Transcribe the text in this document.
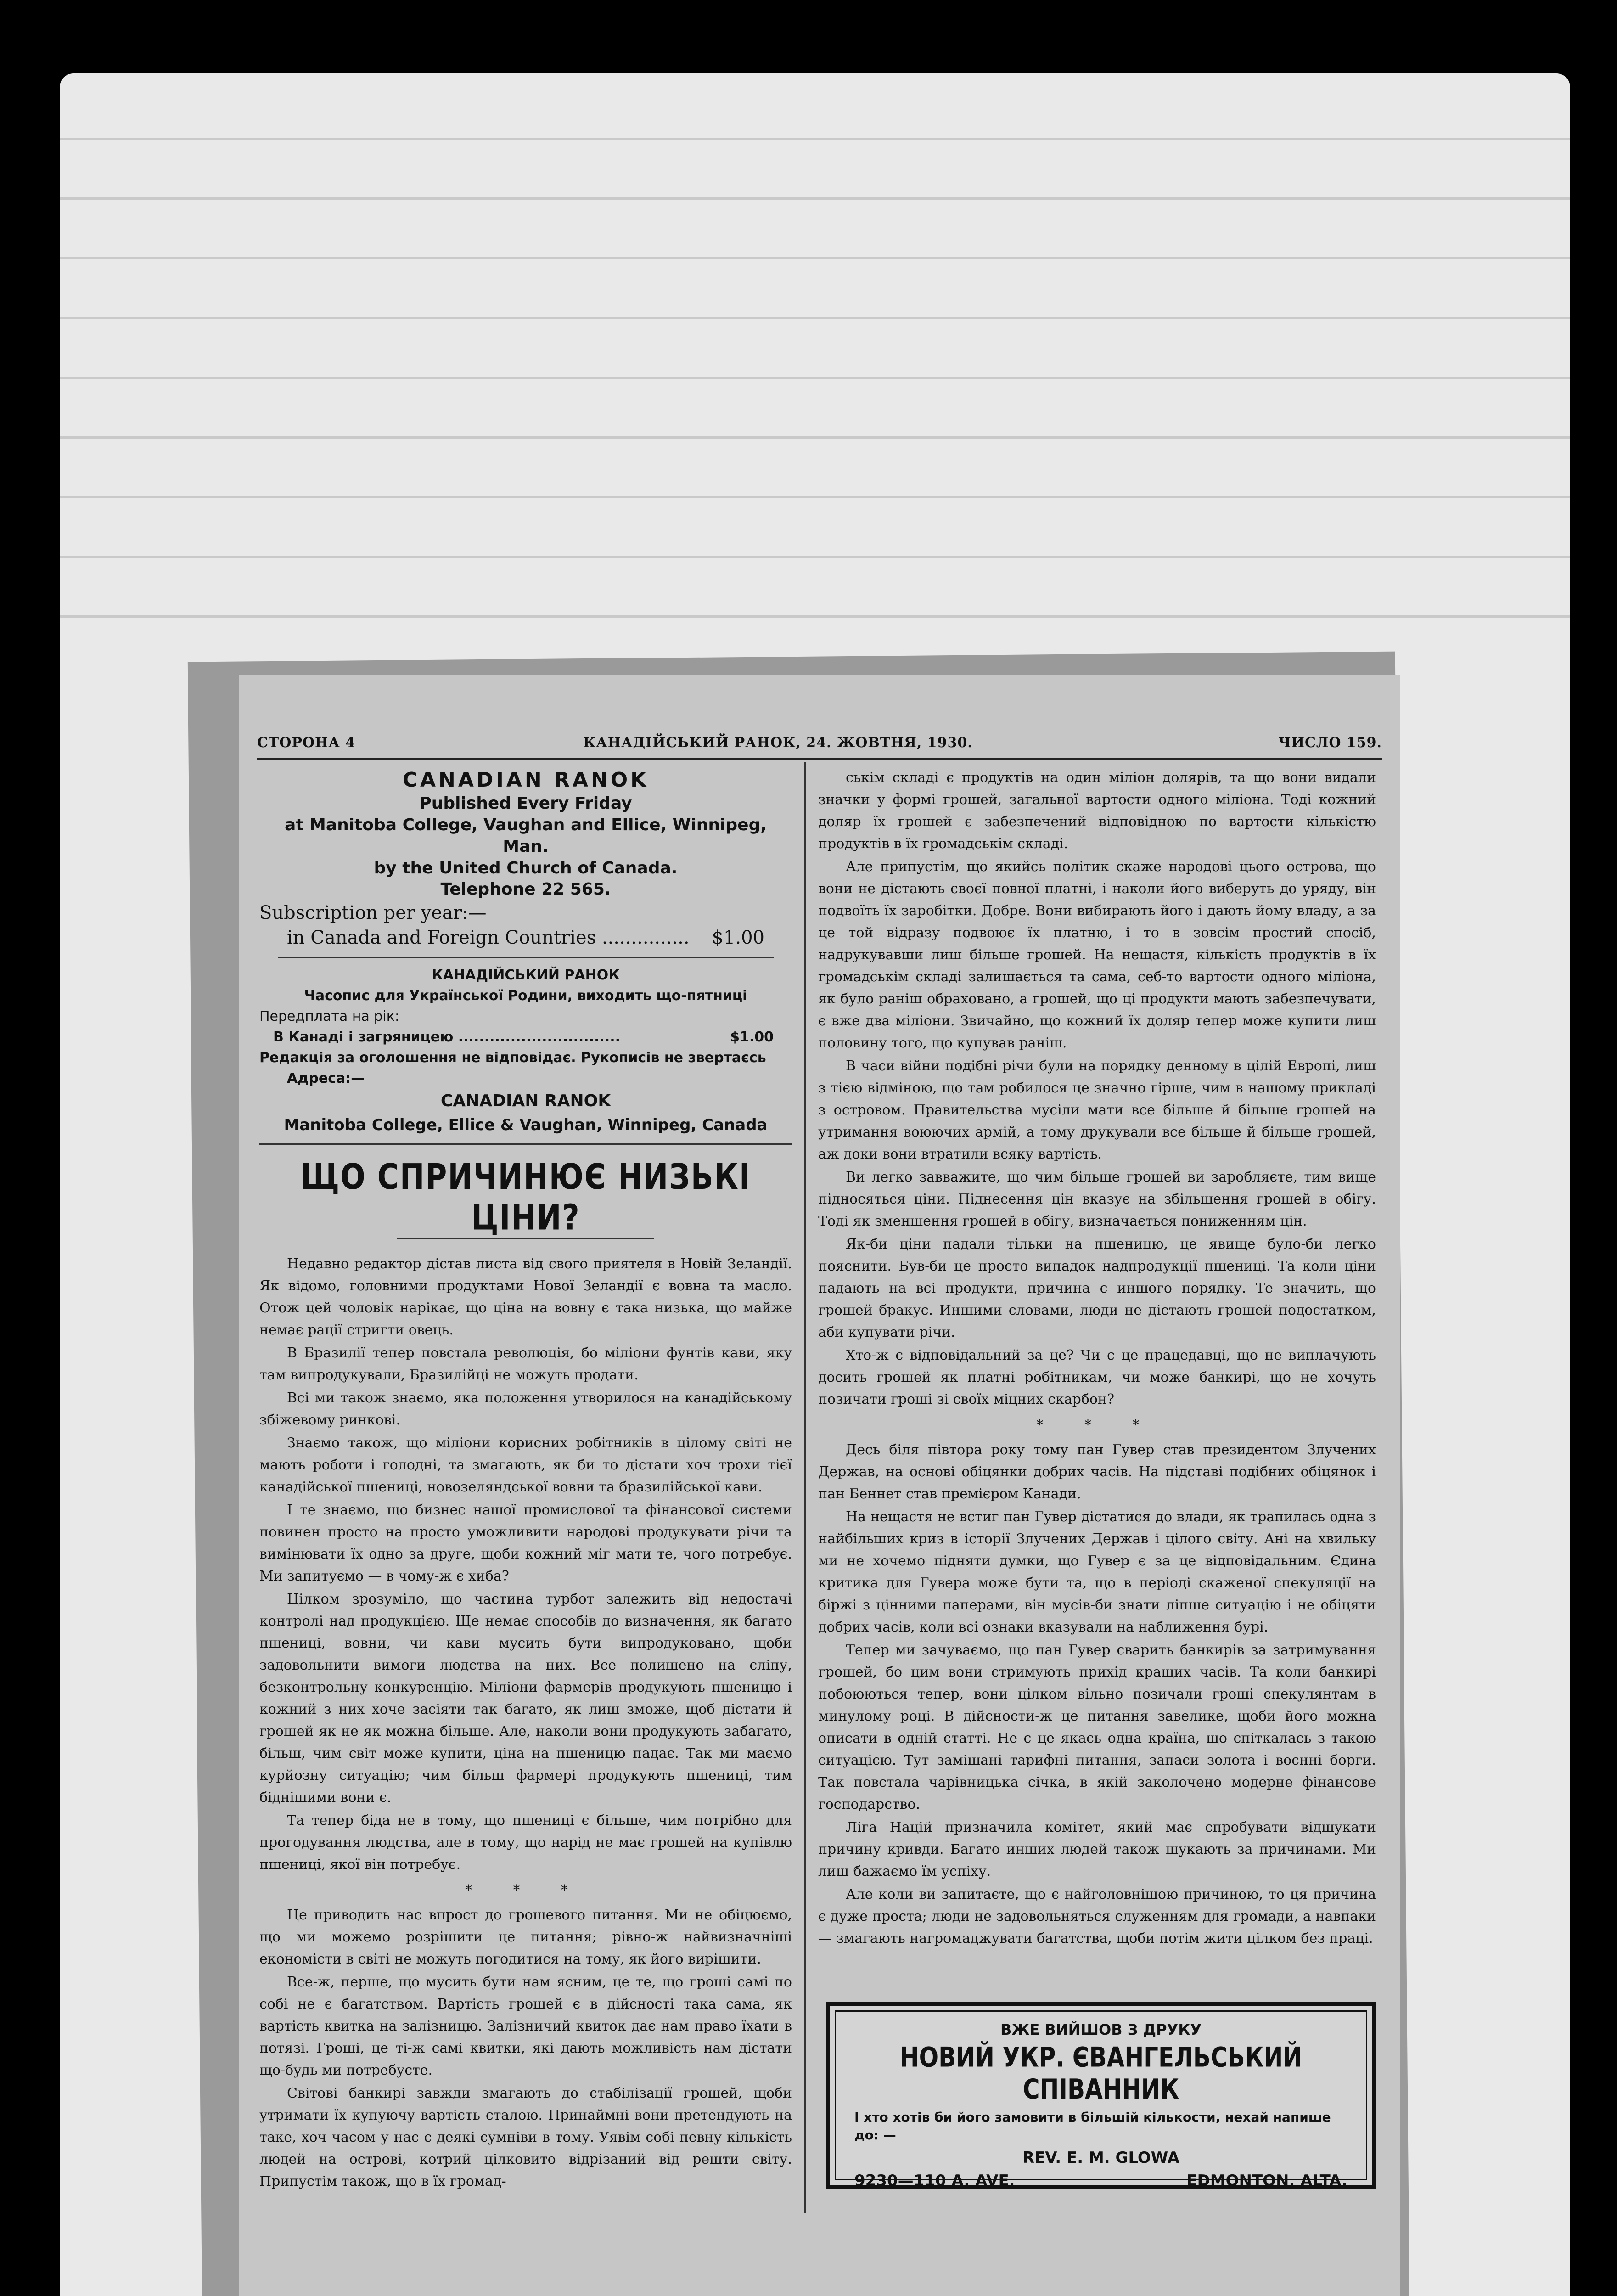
СТОРОНА 4	КАНАДІЙСЬКИЙ РАНОК, 24. ЖОВТНЯ, 1930.	ЧИСЛО 159.
CANADIAN RANOK
Published Every Friday
at Manitoba College, Vaughan and Ellice, Winnipeg, Man.
by the United Church of Canada.
Telephone 22 565.
Subscription per year:—
in Canada and Foreign Countries ............... $1.00
КАНАДІЙСЬКИЙ РАНОК
Часопис для Української Родини, виходить що-пятниці
Передплата на рік:
В Канаді і загряницею ...............................	$1.00
Редакція за оголошення не відповідає. Рукописів не звертаєсь
Адреса:—
CANADIAN RANOK
Manitoba College, Ellice & Vaughan, Winnipeg, Canada
ЩО СПРИЧИНЮЄ НИЗЬКІ ЦІНИ?

Недавно редактор дістав листа від свого приятеля в Новій Зеландії. Як відомо, головними продуктами Нової Зеландії є вовна та масло. Отож цей чоловік нарікає, що ціна на вовну є така низька, що майже немає рації стригти овець.

В Бразилії тепер повстала революція, бо міліони фунтів кави, яку там випродукували, Бразилійці не можуть продати.

Всі ми також знаємо, яка положення утворилося на канадійському збіжевому ринкові.

Знаємо також, що міліони корисних робітників в цілому світі не мають роботи і голодні, та змагають, як би то дістати хоч трохи тієї канадійської пшениці, новозеляндської вовни та бразилійської кави.

І те знаємо, що бизнес нашої промислової та фінансової системи повинен просто на просто уможливити народові продукувати річи та вимінювати їх одно за друге, щоби кожний міг мати те, чого потребує. Ми запитуємо — в чому-ж є хиба?

Цілком зрозуміло, що частина турбот залежить від недостачі контролі над продукцією. Ще немає способів до визначення, як багато пшениці, вовни, чи кави мусить бути випродуковано, щоби задовольнити вимоги людства на них. Все полишено на сліпу, безконтрольну конкуренцію. Міліони фармерів продукують пшеницю і кожний з них хоче засіяти так багато, як лиш зможе, щоб дістати й грошей як не як можна більше. Але, наколи вони продукують забагато, більш, чим світ може купити, ціна на пшеницю падає. Так ми маємо курйозну ситуацію; чим більш фармері продукують пшениці, тим біднішими вони є.

Та тепер біда не в тому, що пшениці є більше, чим потрібно для прогодування людства, але в тому, що нарід не має грошей на купівлю пшениці, якої він потребує.

* * *

Це приводить нас впрост до грошевого питання. Ми не обіцюємо, що ми можемо розрішити це питання; рівно-ж найвизначніші економісти в світі не можуть погодитися на тому, як його вирішити.

Все-ж, перше, що мусить бути нам ясним, це те, що гроші самі по собі не є багатством. Вартість грошей є в дійсності така сама, як вартість квитка на залізницю. Залізничий квиток дає нам право їхати в потязі. Гроші, це ті-ж самі квитки, які дають можливість нам дістати що-будь ми потребуєте.

Світові банкирі завжди змагають до стабілізації грошей, щоби утримати їх купуючу вартість сталою. Принаймні вони претендують на таке, хоч часом у нас є деякі сумніви в тому. Уявім собі певну кількість людей на острові, котрий цілковито відрізаний від решти світу. Припустім також, що в їх громад-

ськім складі є продуктів на один міліон долярів, та що вони видали значки у формі грошей, загальної вартости одного міліона. Тоді кожний доляр їх грошей є забезпечений відповідною по вартости кількістю продуктів в їх громадськім складі.

Але припустім, що якийсь політик скаже народові цього острова, що вони не дістають своєї повної платні, і наколи його виберуть до уряду, він подвоїть їх заробітки. Добре. Вони вибирають його і дають йому владу, а за це той відразу подвоює їх платню, і то в зовсім простий спосіб, надрукувавши лиш більше грошей. На нещастя, кількість продуктів в їх громадськім складі залишається та сама, себ-то вартости одного міліона, як було раніш обраховано, а грошей, що ці продукти мають забезпечувати, є вже два міліони. Звичайно, що кожний їх доляр тепер може купити лиш половину того, що купував раніш.

В часи війни подібні річи були на порядку денному в цілій Европі, лиш з тією відміною, що там робилося це значно гірше, чим в нашому прикладі з островом. Правительства мусіли мати все більше й більше грошей на утримання воюючих армій, а тому друкували все більше й більше грошей, аж доки вони втратили всяку вартість.

Ви легко завважите, що чим більше грошей ви заробляєте, тим вище підносяться ціни. Піднесення цін вказує на збільшення грошей в обігу. Тоді як зменшення грошей в обігу, визначається пониженням цін.

Як-би ціни падали тільки на пшеницю, це явище було-би легко пояснити. Був-би це просто випадок надпродукції пшениці. Та коли ціни падають на всі продукти, причина є иншого порядку. Те значить, що грошей бракує. Иншими словами, люди не дістають грошей подостатком, аби купувати річи.

Хто-ж є відповідальний за це? Чи є це працедавці, що не виплачують досить грошей як платні робітникам, чи може банкирі, що не хочуть позичати гроші зі своїх міцних скарбон?

* * *

Десь біля півтора року тому пан Гувер став президентом Злучених Держав, на основі обіцянки добрих часів. На підставі подібних обіцянок і пан Беннет став премієром Канади.

На нещастя не встиг пан Гувер дістатися до влади, як трапилась одна з найбільших криз в історії Злучених Держав і цілого світу. Ані на хвильку ми не хочемо підняти думки, що Гувер є за це відповідальним. Єдина критика для Гувера може бути та, що в періоді скаженої спекуляції на біржі з цінними паперами, він мусів-би знати ліпше ситуацію і не обіцяти добрих часів, коли всі ознаки вказували на наближення бурі.

Тепер ми зачуваємо, що пан Гувер сварить банкирів за затримування грошей, бо цим вони стримують прихід кращих часів. Та коли банкирі побоюються тепер, вони цілком вільно позичали гроші спекулянтам в минулому році. В дійсности-ж це питання завелике, щоби його можна описати в одній статті. Не є це якась одна країна, що спіткалась з такою ситуацією. Тут замішані тарифні питання, запаси золота і воєнні борги. Так повстала чарівницька січка, в якій заколочено модерне фінансове господарство.

Ліга Націй призначила комітет, який має спробувати відшукати причину кривди. Багато инших людей також шукають за причинами. Ми лиш бажаємо їм успіху.

Але коли ви запитаєте, що є найголовнішою причиною, то ця причина є дуже проста; люди не задовольняться служенням для громади, а навпаки — змагають нагромаджувати багатства, щоби потім жити цілком без праці.

ВЖЕ ВИЙШОВ З ДРУКУ
НОВИЙ УКР. ЄВАНГЕЛЬСЬКИЙ СПІВАННИК
І хто хотів би його замовити в більшій кількости, нехай напише до: —
REV. E. M. GLOWA
9230—110 A. AVE.	EDMONTON, ALTA.
